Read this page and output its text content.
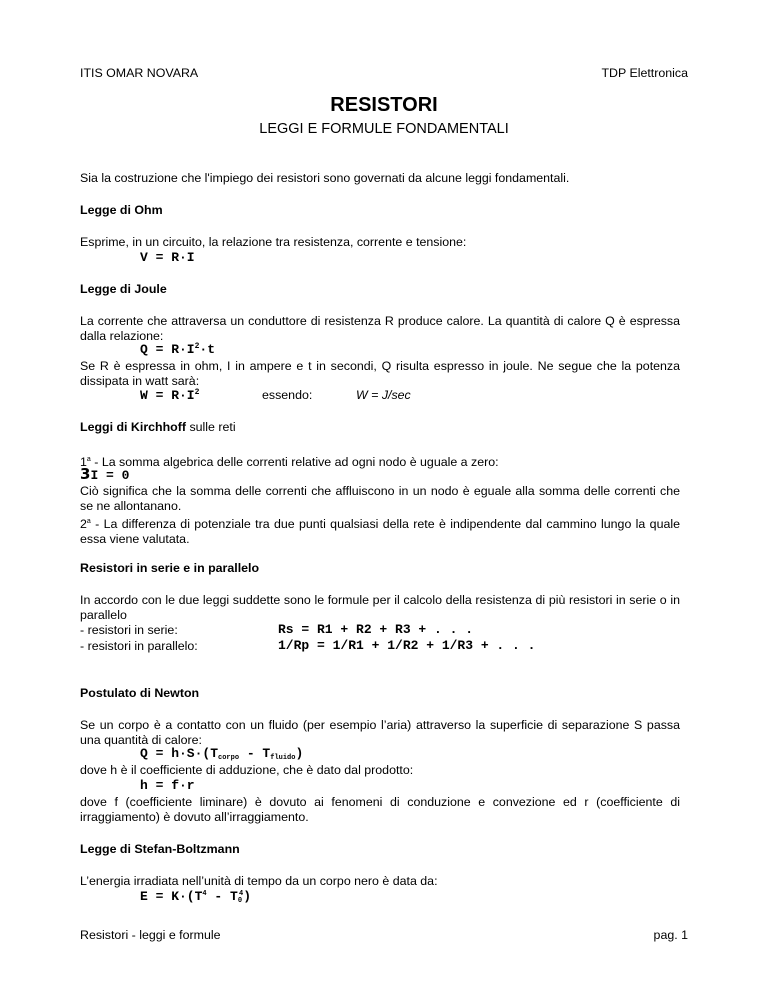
ITIS OMAR NOVARA	TDP Elettronica
RESISTORI
LEGGI E FORMULE FONDAMENTALI
Sia la costruzione che l'impiego dei resistori sono governati da alcune leggi fondamentali.
Legge di Ohm
Esprime, in un circuito, la relazione tra resistenza, corrente e tensione:
V = R·I
Legge di Joule
La corrente che attraversa un conduttore di resistenza R produce calore. La quantità di calore Q è espressa dalla relazione:
$Q = R\cdot I^2\cdot t$
Se R è espressa in ohm, I in ampere e t in secondi, Q risulta espresso in joule. Ne segue che la potenza dissipata in watt sarà:
$W = R\cdot I^2$	essendo:	W = J/sec
Leggi di Kirchhoff sulle reti
1$^a$ - La somma algebrica delle correnti relative ad ogni nodo è uguale a zero:
3I = 0
Ciò significa che la somma delle correnti che affluiscono in un nodo è eguale alla somma delle correnti che se ne allontanano.
2$^a$ - La differenza di potenziale tra due punti qualsiasi della rete è indipendente dal cammino lungo la quale essa viene valutata.
Resistori in serie e in parallelo
In accordo con le due leggi suddette sono le formule per il calcolo della resistenza di più resistori in serie o in parallelo
- resistori in serie:	Rs = R1 + R2 + R3 + . . .
- resistori in parallelo:	1/Rp = 1/R1 + 1/R2 + 1/R3 + . . .
Postulato di Newton
Se un corpo è a contatto con un fluido (per esempio l’aria) attraverso la superficie di separazione S passa una quantità di calore:
$Q = h\cdot S\cdot(T_{corpo} - T_{fluido})$
dove h è il coefficiente di adduzione, che è dato dal prodotto:
h = f·r
dove f (coefficiente liminare) è dovuto ai fenomeni di conduzione e convezione ed r (coefficiente di irraggiamento) è dovuto all’irraggiamento.
Legge di Stefan-Boltzmann
L’energia irradiata nell’unità di tempo da un corpo nero è data da:
$E = K\cdot(T^4 - T_0^4)$
Resistori - leggi e formule	pag. 1
